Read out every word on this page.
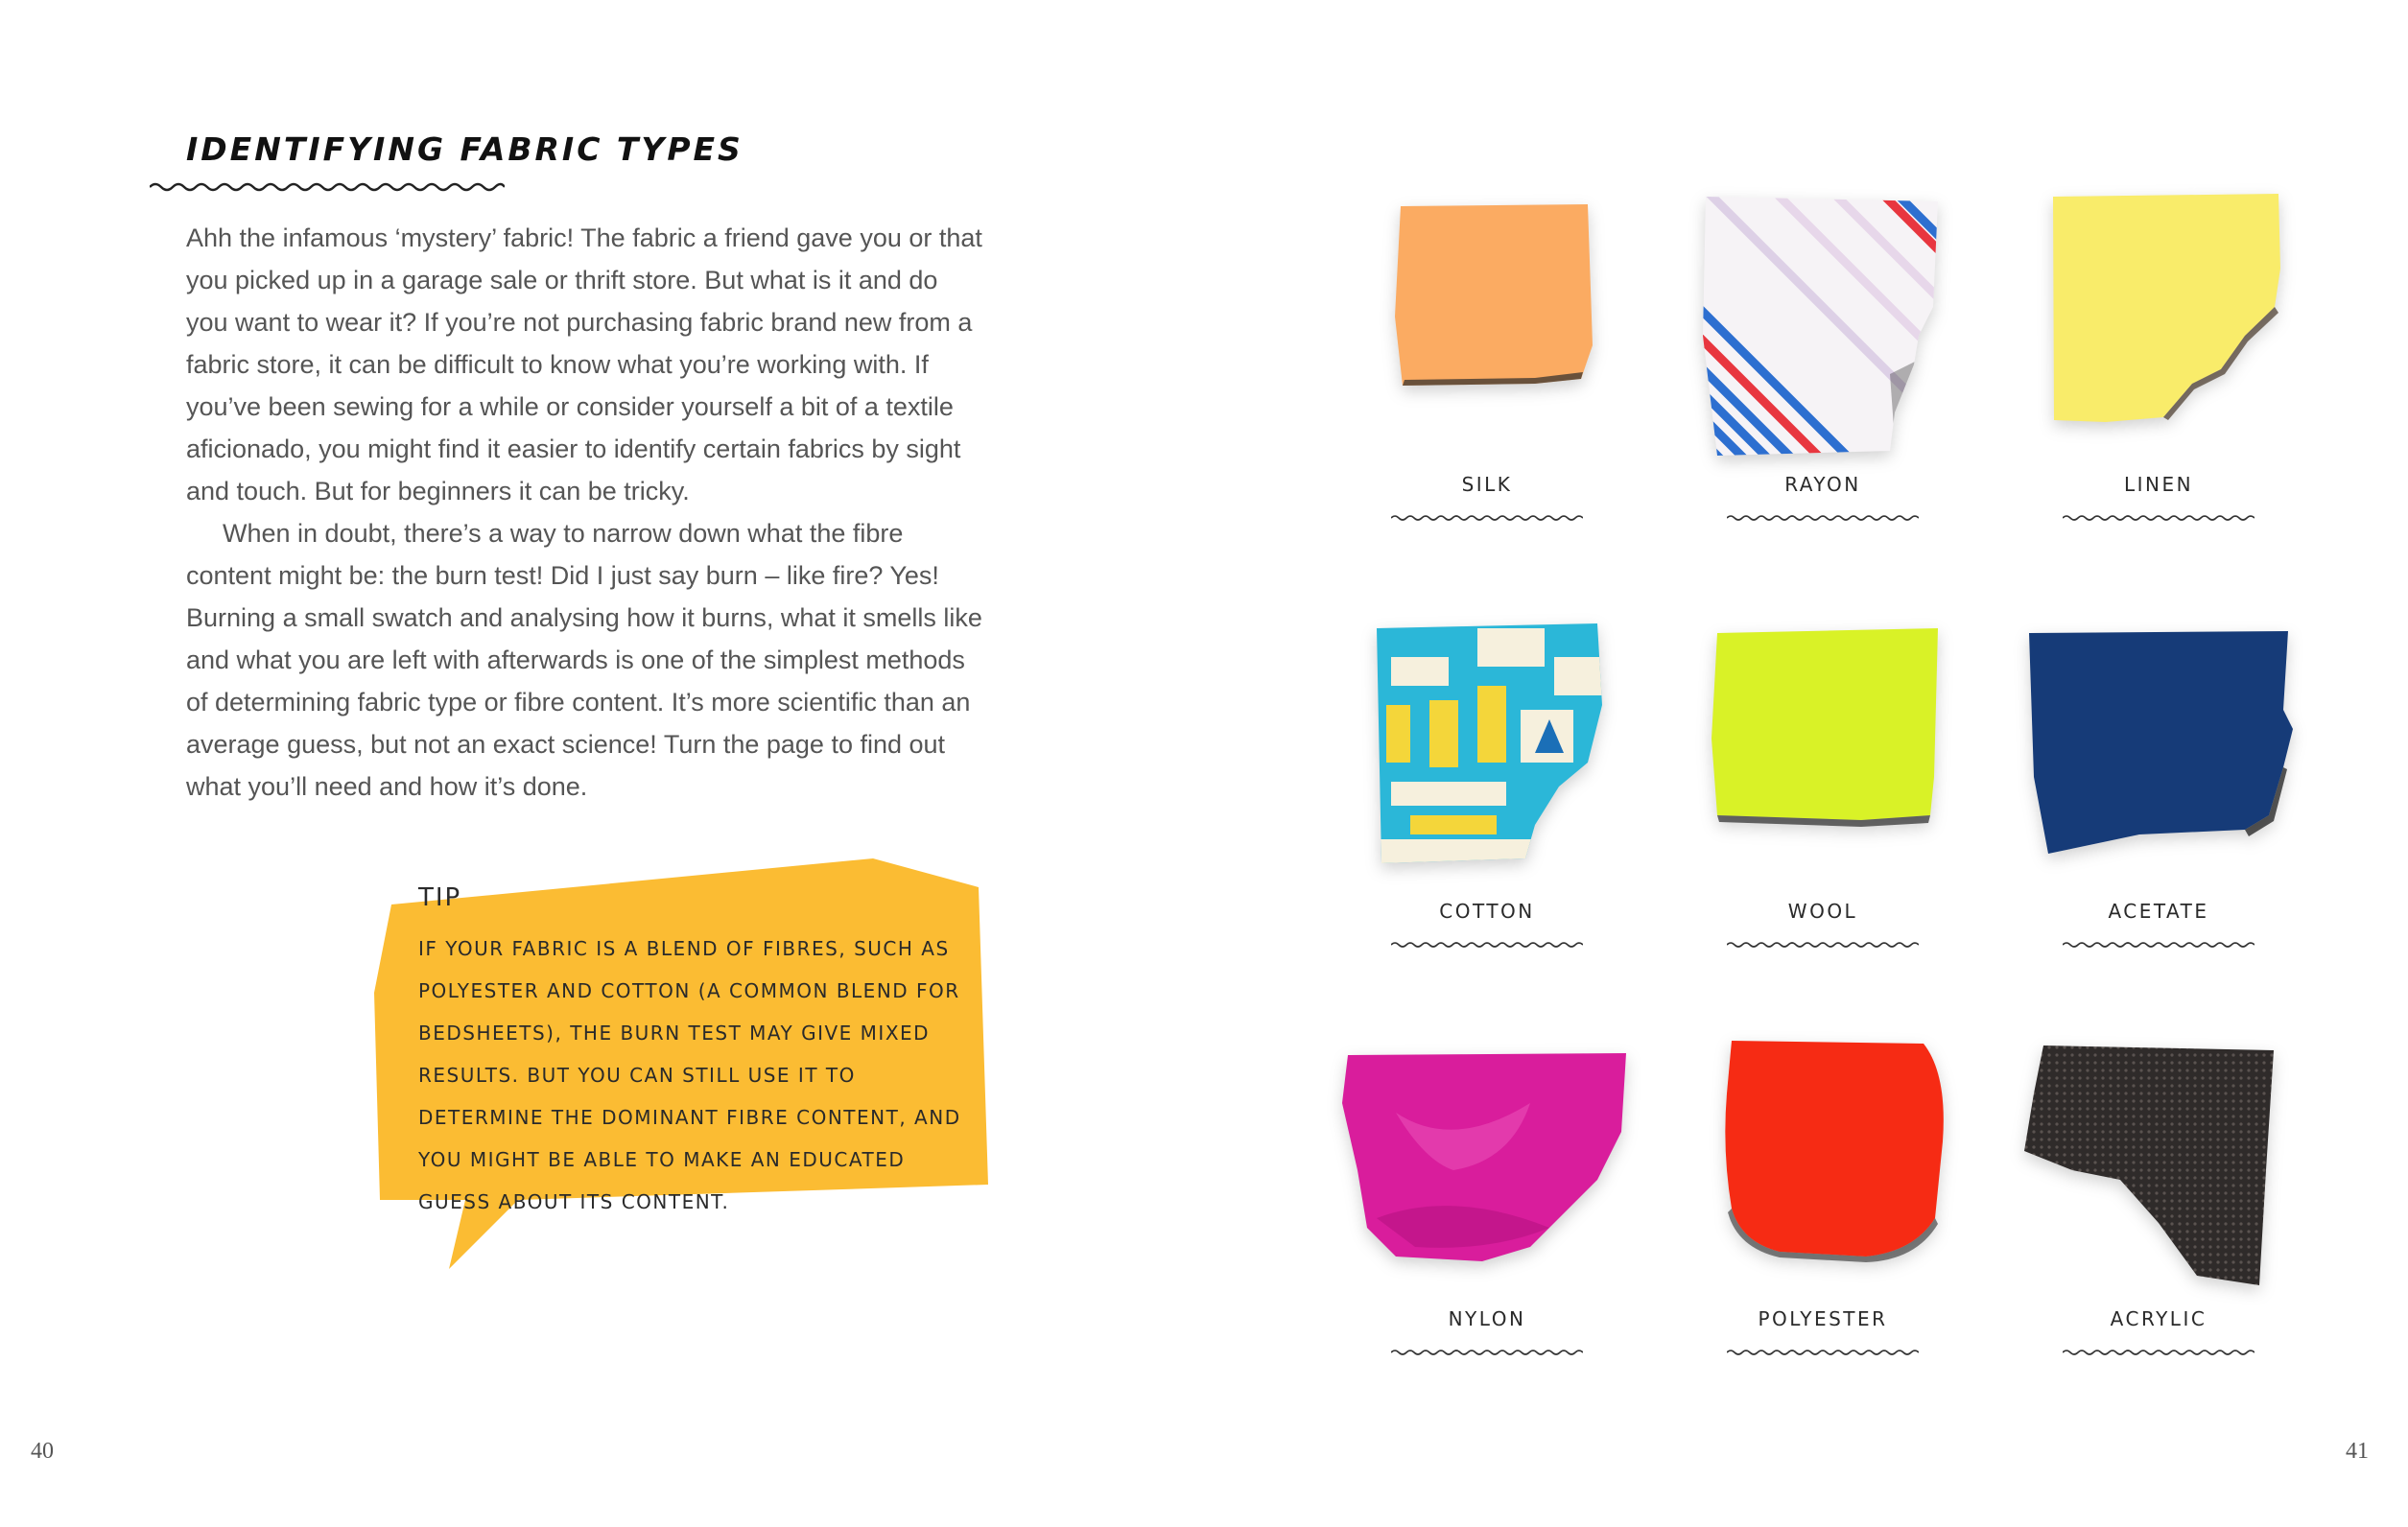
IDENTIFYING FABRIC TYPES

Ahh the infamous ‘mystery’ fabric! The fabric a friend gave you or that you picked up in a garage sale or thrift store. But what is it and do you want to wear it? If you’re not purchasing fabric brand new from a fabric store, it can be difficult to know what you’re working with. If you’ve been sewing for a while or consider yourself a bit of a textile aficionado, you might find it easier to identify certain fabrics by sight and touch. But for beginners it can be tricky.

When in doubt, there’s a way to narrow down what the fibre content might be: the burn test! Did I just say burn – like fire? Yes! Burning a small swatch and analysing how it burns, what it smells like and what you are left with afterwards is one of the simplest methods of determining fabric type or fibre content. It’s more scientific than an average guess, but not an exact science! Turn the page to find out what you’ll need and how it’s done.

TIP
IF YOUR FABRIC IS A BLEND OF FIBRES, SUCH AS POLYESTER AND COTTON (A COMMON BLEND FOR BEDSHEETS), THE BURN TEST MAY GIVE MIXED RESULTS. BUT YOU CAN STILL USE IT TO DETERMINE THE DOMINANT FIBRE CONTENT, AND YOU MIGHT BE ABLE TO MAKE AN EDUCATED GUESS ABOUT ITS CONTENT.
40
SILK	RAYON	LINEN
COTTON	WOOL	ACETATE
NYLON	POLYESTER	ACRYLIC
41
